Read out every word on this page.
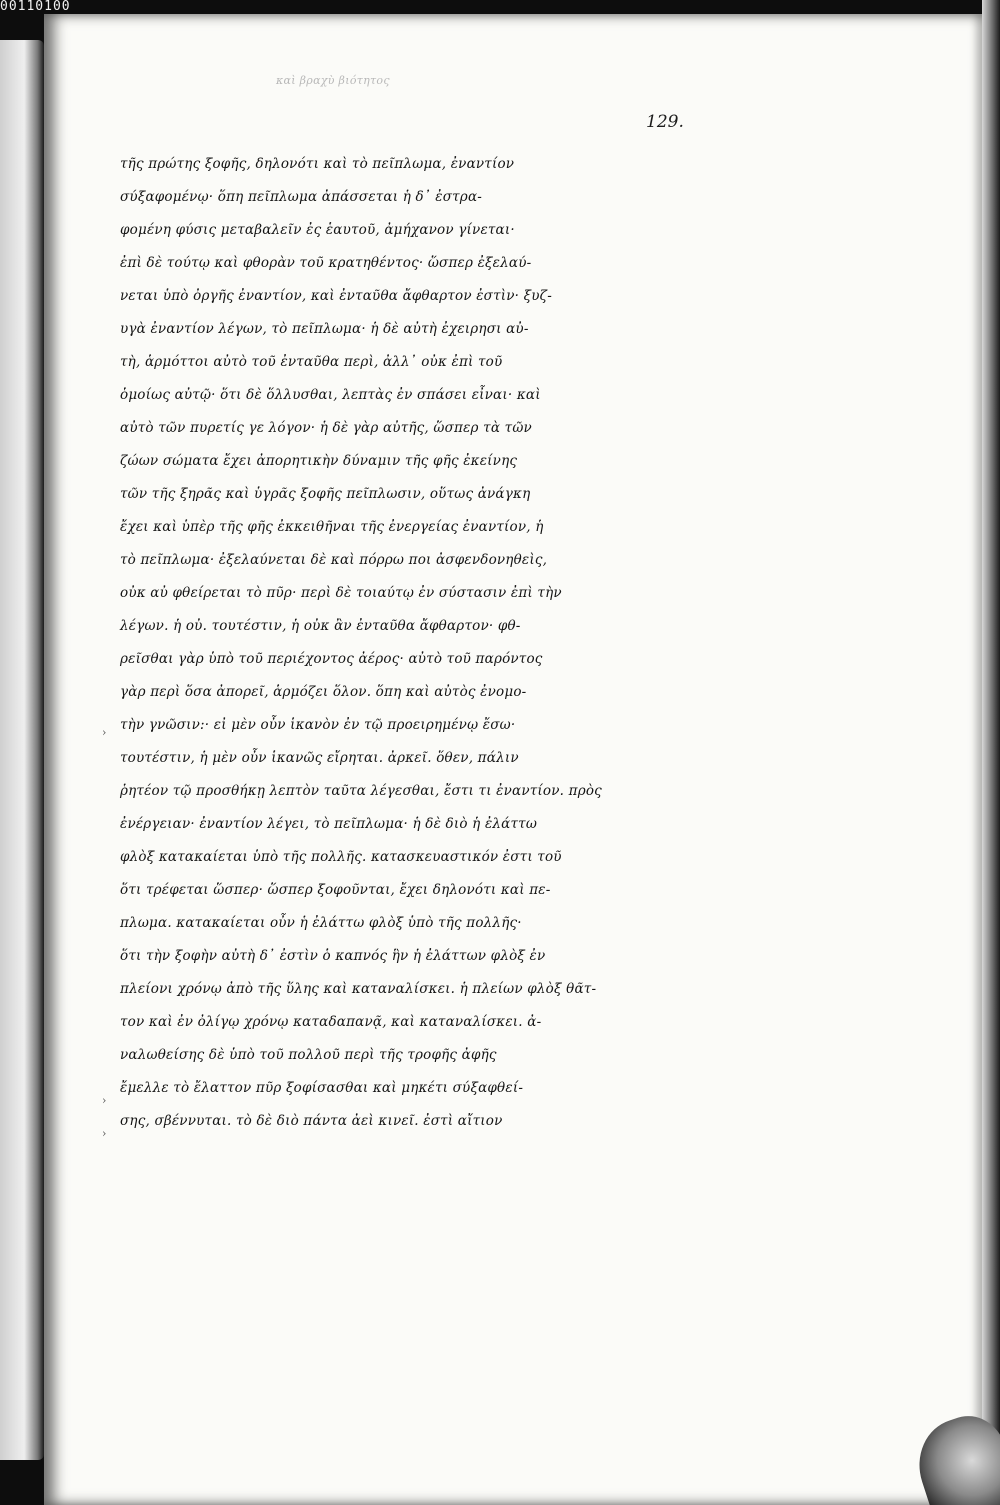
00110100
καὶ βραχὺ βιότητος
129.
τῆς πρώτης ξοφῆς, δηλονότι καὶ τὸ πεῖπλωμα, ἐναντίον
σύξαφομένῳ· ὅπη πεῖπλωμα ἀπάσσεται ἡ δ᾽ ἐστρα-
φομένη φύσις μεταβαλεῖν ἐς ἑαυτοῦ, ἀμήχανον γίνεται·
ἐπὶ δὲ τούτῳ καὶ φθορὰν τοῦ κρατηθέντος· ὥσπερ ἐξελαύ-
νεται ὑπὸ ὀργῆς ἐναντίον, καὶ ἐνταῦθα ἄφθαρτον ἐστὶν· ξυζ-
υγὰ ἐναντίον λέγων, τὸ πεῖπλωμα· ἡ δὲ αὐτὴ ἐχειρησι αὐ-
τὴ, ἁρμόττοι αὐτὸ τοῦ ἐνταῦθα περὶ, ἀλλ᾽ οὐκ ἐπὶ τοῦ
ὁμοίως αὐτῷ· ὅτι δὲ ὅλλυσθαι, λεπτὰς ἐν σπάσει εἶναι· καὶ
αὐτὸ τῶν πυρετίς γε λόγον· ἡ δὲ γὰρ αὐτῆς, ὥσπερ τὰ τῶν
ζώων σώματα ἔχει ἀπορητικὴν δύναμιν τῆς φῆς ἐκείνης
τῶν τῆς ξηρᾶς καὶ ὑγρᾶς ξοφῆς πεῖπλωσιν, οὕτως ἀνάγκη
ἔχει καὶ ὑπὲρ τῆς φῆς ἐκκειθῆναι τῆς ἐνεργείας ἐναντίον, ἡ
τὸ πεῖπλωμα· ἐξελαύνεται δὲ καὶ πόρρω ποι ἀσφενδονηθεὶς,
οὐκ αὐ φθείρεται τὸ πῦρ· περὶ δὲ τοιαύτῳ ἐν σύστασιν ἐπὶ τὴν
λέγων. ἡ οὐ. τουτέστιν, ἡ οὐκ ἂν ἐνταῦθα ἄφθαρτον· φθ-
ρεῖσθαι γὰρ ὑπὸ τοῦ περιέχοντος ἀέρος· αὐτὸ τοῦ παρόντος
γὰρ περὶ ὅσα ἀπορεῖ, ἁρμόζει ὅλον. ὅπη καὶ αὐτὸς ἐνομο-
τὴν γνῶσιν:· εἰ μὲν οὖν ἱκανὸν ἐν τῷ προειρημένῳ ἔσω·
τουτέστιν, ἡ μὲν οὖν ἱκανῶς εἴρηται. ἀρκεῖ. ὅθεν, πάλιν
ῥητέον τῷ προσθήκῃ λεπτὸν ταῦτα λέγεσθαι, ἔστι τι ἐναντίον. πρὸς
ἐνέργειαν· ἐναντίον λέγει, τὸ πεῖπλωμα· ἡ δὲ διὸ ἡ ἐλάττω
φλὸξ κατακαίεται ὑπὸ τῆς πολλῆς. κατασκευαστικόν ἐστι τοῦ
ὅτι τρέφεται ὥσπερ· ὥσπερ ξοφοῦνται, ἔχει δηλονότι καὶ πε-
πλωμα. κατακαίεται οὖν ἡ ἐλάττω φλὸξ ὑπὸ τῆς πολλῆς·
ὅτι τὴν ξοφὴν αὐτὴ δ᾽ ἐστὶν ὁ καπνός ἣν ἡ ἐλάττων φλὸξ ἐν
πλείονι χρόνῳ ἀπὸ τῆς ὕλης καὶ καταναλίσκει. ἡ πλείων φλὸξ θᾶτ-
τον καὶ ἐν ὀλίγῳ χρόνῳ καταδαπανᾷ, καὶ καταναλίσκει. ἀ-
ναλωθείσης δὲ ὑπὸ τοῦ πολλοῦ περὶ τῆς τροφῆς ἀφῆς
ἔμελλε τὸ ἔλαττον πῦρ ξοφίσασθαι καὶ μηκέτι σύξαφθεί-
σης, σβέννυται. τὸ δὲ διὸ πάντα ἀεὶ κινεῖ. ἐστὶ αἴτιον
›
›
›
